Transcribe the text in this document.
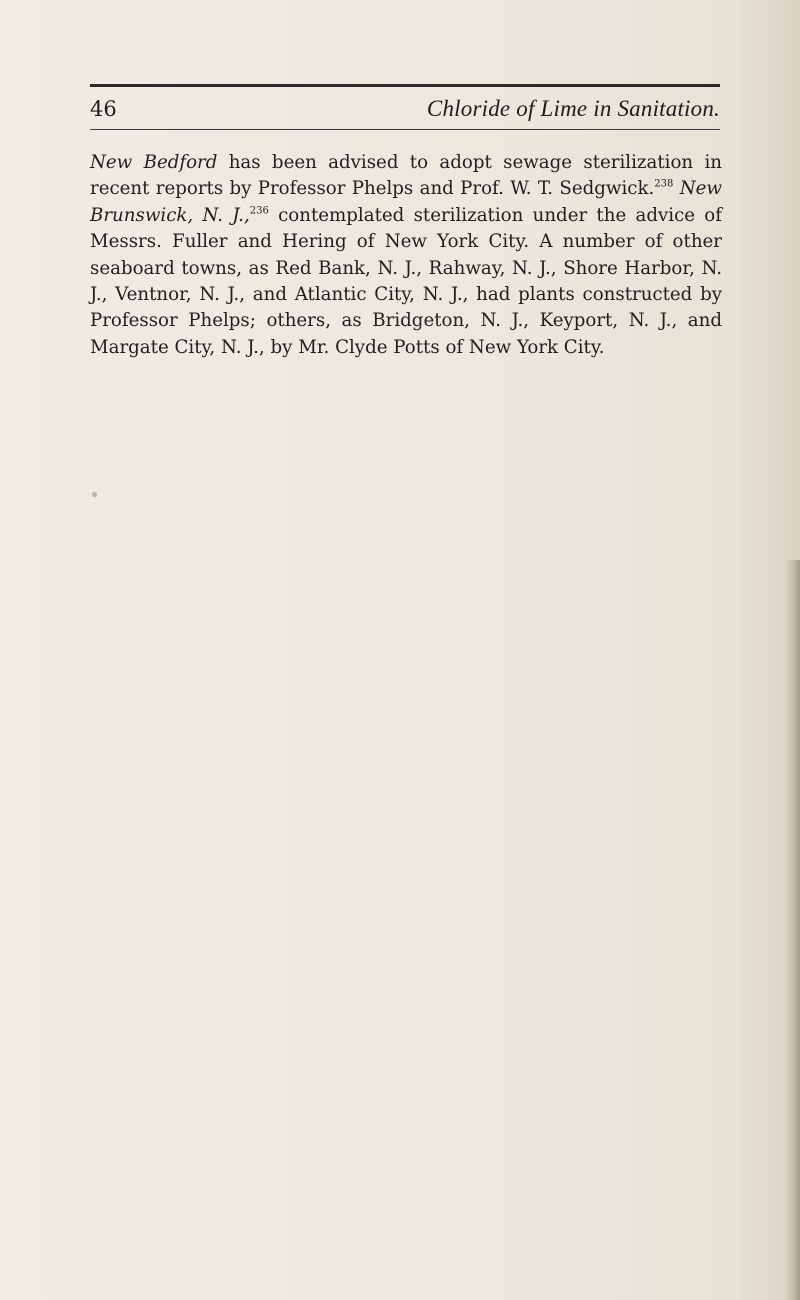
46	Chloride of Lime in Sanitation.

New Bedford has been advised to adopt sewage sterilization in recent reports by Professor Phelps and Prof. W. T. Sedgwick.$^{238}$ New Brunswick, N. J.,$^{236}$ contemplated sterilization under the advice of Messrs. Fuller and Hering of New York City. A number of other seaboard towns, as Red Bank, N. J., Rahway, N. J., Shore Harbor, N. J., Ventnor, N. J., and Atlantic City, N. J., had plants constructed by Professor Phelps; others, as Bridgeton, N. J., Keyport, N. J., and Margate City, N. J., by Mr. Clyde Potts of New York City.
